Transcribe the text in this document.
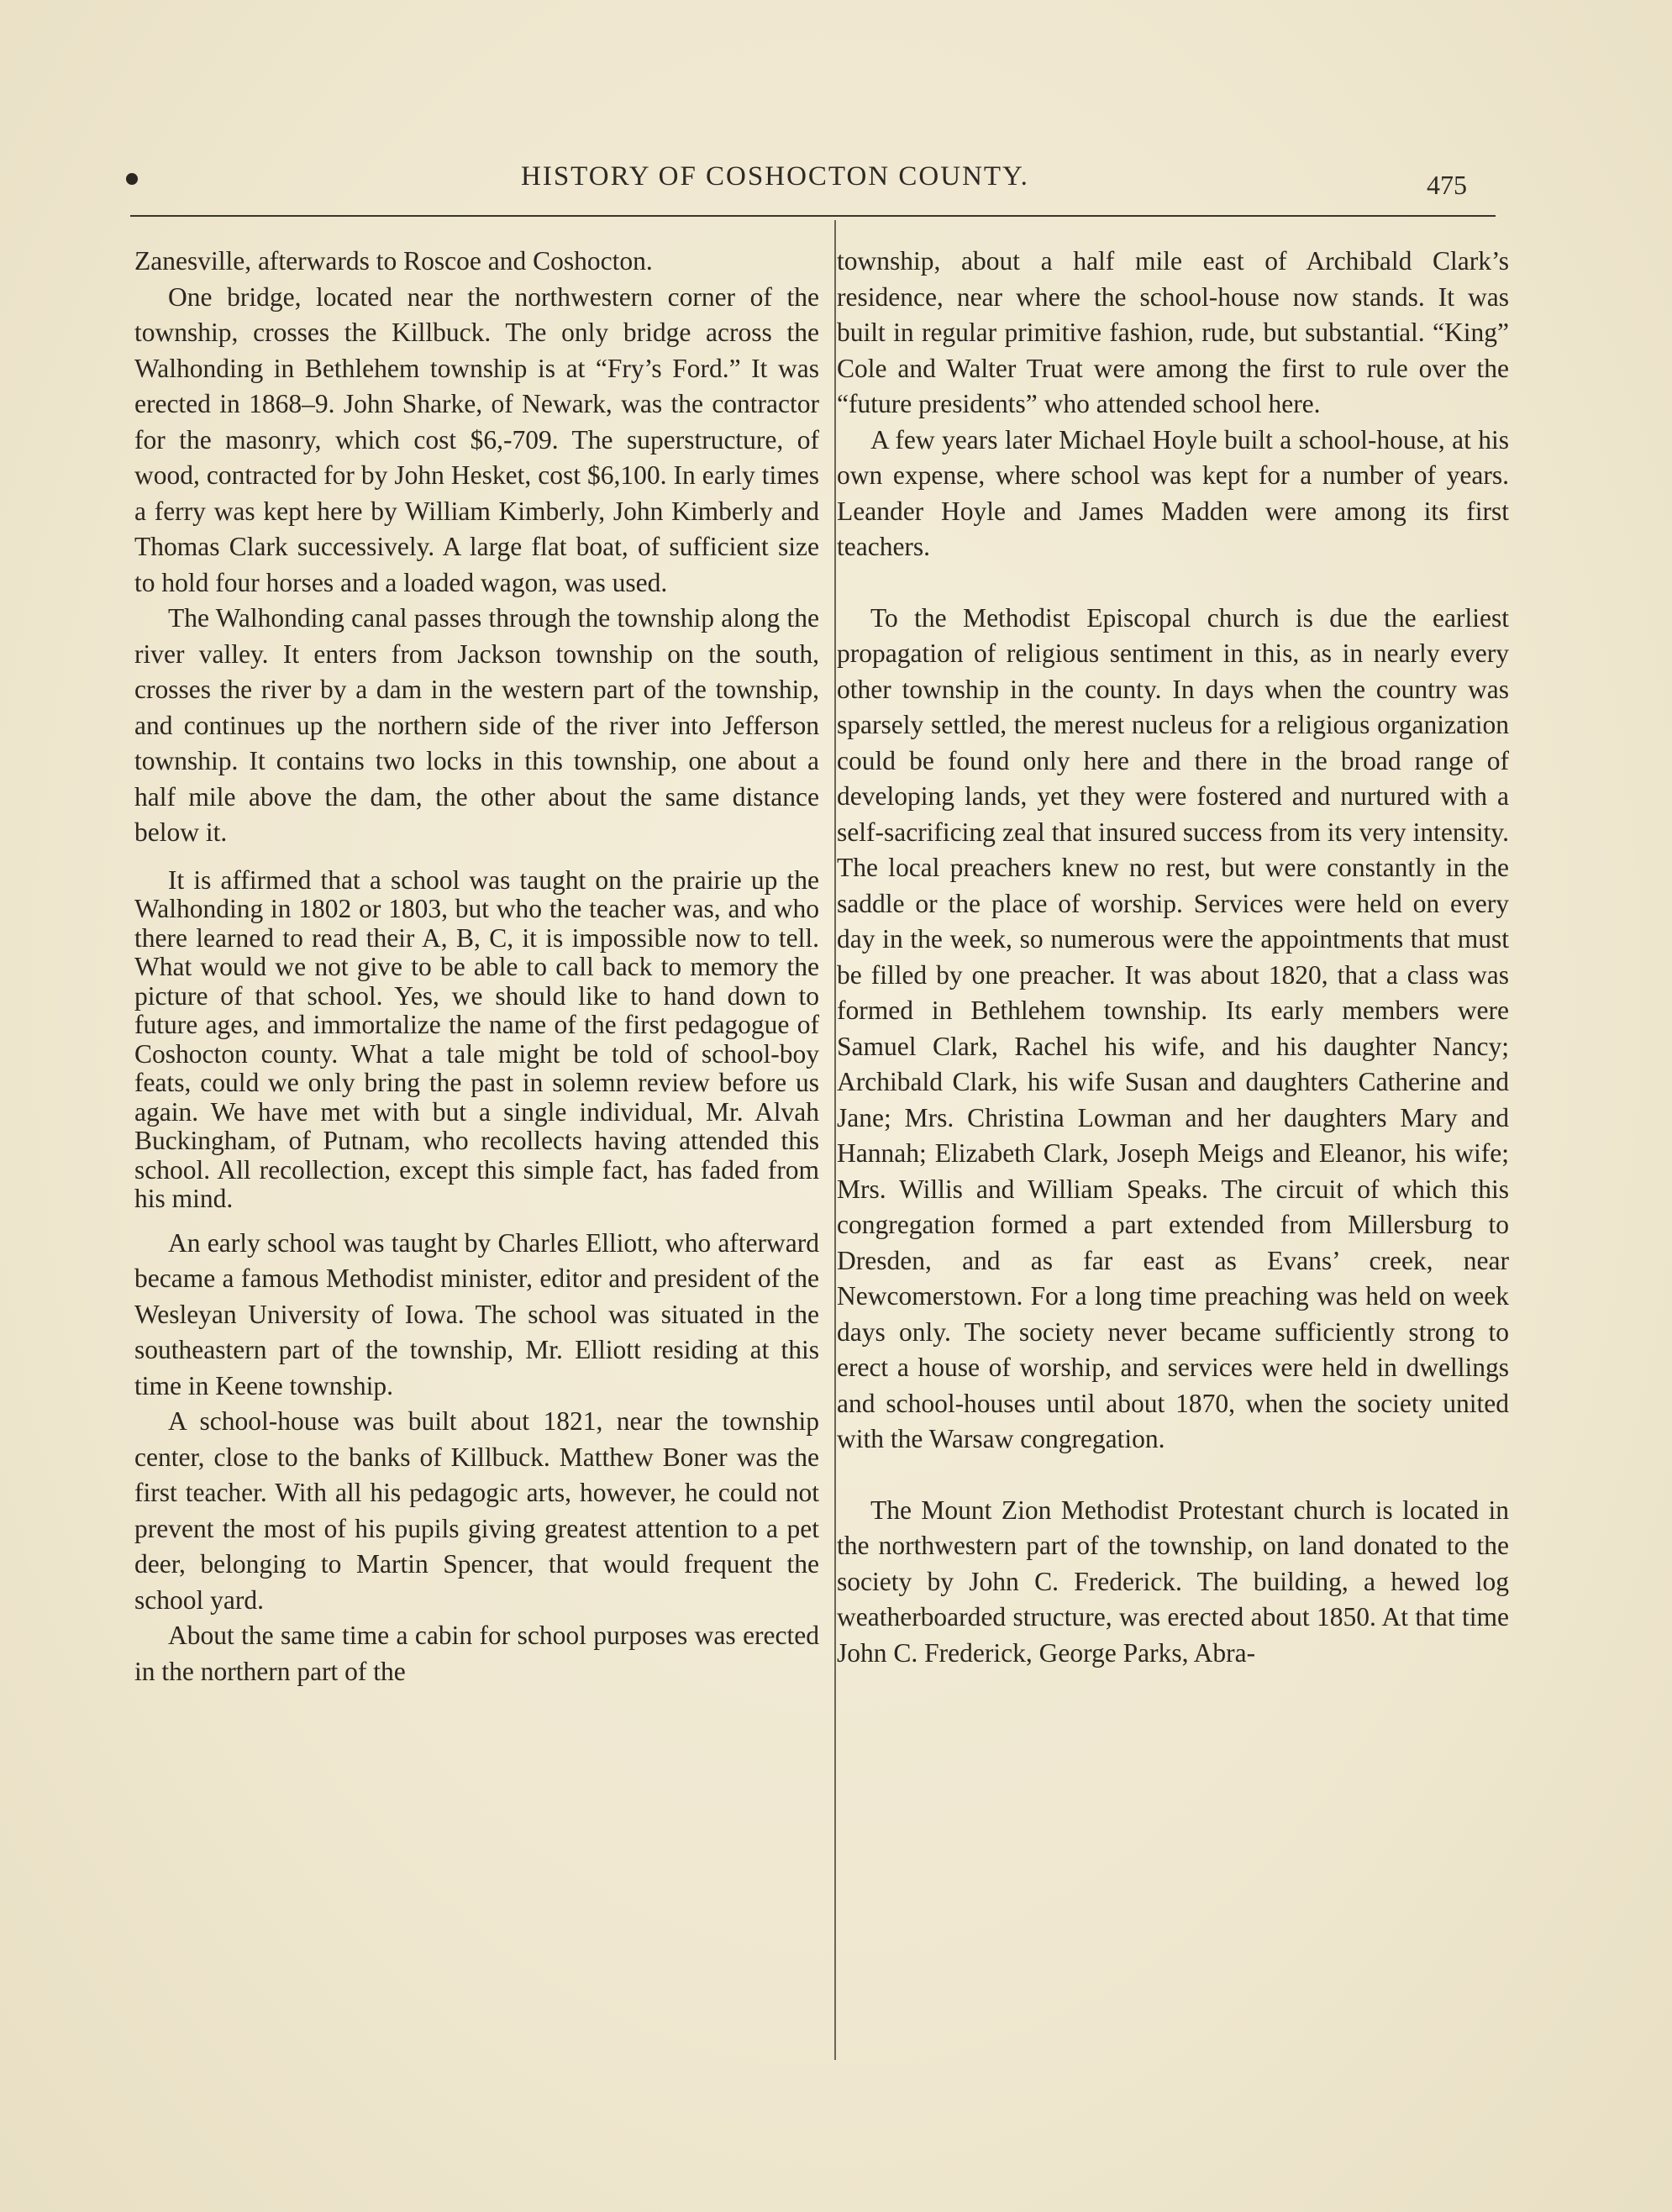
HISTORY OF COSHOCTON COUNTY.	475

Zanesville, afterwards to Roscoe and Coshocton.

One bridge, located near the northwestern corner of the township, crosses the Killbuck. The only bridge across the Walhonding in Bethlehem township is at “Fry’s Ford.” It was erected in 1868–9. John Sharke, of Newark, was the contractor for the masonry, which cost $6,-709. The superstructure, of wood, contracted for by John Hesket, cost $6,100. In early times a ferry was kept here by William Kimberly, John Kimberly and Thomas Clark successively. A large flat boat, of sufficient size to hold four horses and a loaded wagon, was used.

The Walhonding canal passes through the township along the river valley. It enters from Jackson township on the south, crosses the river by a dam in the western part of the township, and continues up the northern side of the river into Jefferson township. It contains two locks in this township, one about a half mile above the dam, the other about the same distance below it.

It is affirmed that a school was taught on the prairie up the Walhonding in 1802 or 1803, but who the teacher was, and who there learned to read their A, B, C, it is impossible now to tell. What would we not give to be able to call back to memory the picture of that school. Yes, we should like to hand down to future ages, and immortalize the name of the first pedagogue of Coshocton county. What a tale might be told of school-boy feats, could we only bring the past in solemn review before us again. We have met with but a single individual, Mr. Alvah Buckingham, of Putnam, who recollects having attended this school. All recollection, except this simple fact, has faded from his mind.

An early school was taught by Charles Elliott, who afterward became a famous Methodist minister, editor and president of the Wesleyan University of Iowa. The school was situated in the southeastern part of the township, Mr. Elliott residing at this time in Keene township.

A school-house was built about 1821, near the township center, close to the banks of Killbuck. Matthew Boner was the first teacher. With all his pedagogic arts, however, he could not prevent the most of his pupils giving greatest attention to a pet deer, belonging to Martin Spencer, that would frequent the school yard.

About the same time a cabin for school purposes was erected in the northern part of the

township, about a half mile east of Archibald Clark’s residence, near where the school-house now stands. It was built in regular primitive fashion, rude, but substantial. “King” Cole and Walter Truat were among the first to rule over the “future presidents” who attended school here.

A few years later Michael Hoyle built a school-house, at his own expense, where school was kept for a number of years. Leander Hoyle and James Madden were among its first teachers.

To the Methodist Episcopal church is due the earliest propagation of religious sentiment in this, as in nearly every other township in the county. In days when the country was sparsely settled, the merest nucleus for a religious organization could be found only here and there in the broad range of developing lands, yet they were fostered and nurtured with a self-sacrificing zeal that insured success from its very intensity. The local preachers knew no rest, but were constantly in the saddle or the place of worship. Services were held on every day in the week, so numerous were the appointments that must be filled by one preacher. It was about 1820, that a class was formed in Bethlehem township. Its early members were Samuel Clark, Rachel his wife, and his daughter Nancy; Archibald Clark, his wife Susan and daughters Catherine and Jane; Mrs. Christina Lowman and her daughters Mary and Hannah; Elizabeth Clark, Joseph Meigs and Eleanor, his wife; Mrs. Willis and William Speaks. The circuit of which this congregation formed a part extended from Millersburg to Dresden, and as far east as Evans’ creek, near Newcomerstown. For a long time preaching was held on week days only. The society never became sufficiently strong to erect a house of worship, and services were held in dwellings and school-houses until about 1870, when the society united with the Warsaw congregation.

The Mount Zion Methodist Protestant church is located in the northwestern part of the township, on land donated to the society by John C. Frederick. The building, a hewed log weatherboarded structure, was erected about 1850. At that time John C. Frederick, George Parks, Abra-
